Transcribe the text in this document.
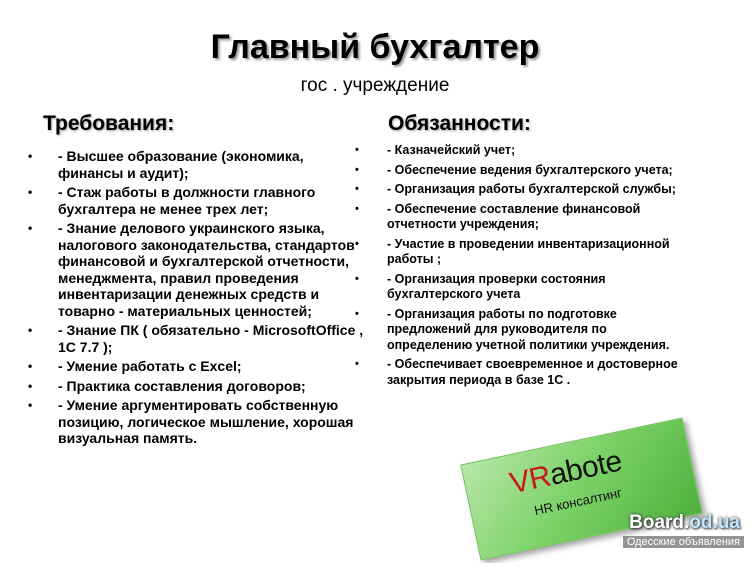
Главный бухгалтер
гос . учреждение
Требования:	Обязанности:
• - Высшее образование (экономика, финансы и аудит);
• - Стаж работы в должности главного бухгалтера не менее трех лет;
• - Знание делового украинского языка, налогового законодательства, стандартов финансовой и бухгалтерской отчетности, менеджмента, правил проведения инвентаризации денежных средств и товарно - материальных ценностей;
• - Знание ПК ( обязательно - MicrosoftOffice , 1С 7.7 );
• - Умение работать с Excel;
• - Практика составления договоров;
• - Умение аргументировать собственную позицию, логическое мышление, хорошая визуальная память.
• - Казначейский учет;
• - Обеспечение ведения бухгалтерского учета;
• - Организация работы бухгалтерской службы;
• - Обеспечение составление финансовой отчетности учреждения;
• - Участие в проведении инвентаризационной работы ;
• - Организация проверки состояния бухгалтерского учета
• - Организация работы по подготовке предложений для руководителя по определению учетной политики учреждения.
• - Обеспечивает своевременное и достоверное закрытия периода в базе 1С .
VRabote
HR консалтинг
Board.od.ua
Одесские объявления
